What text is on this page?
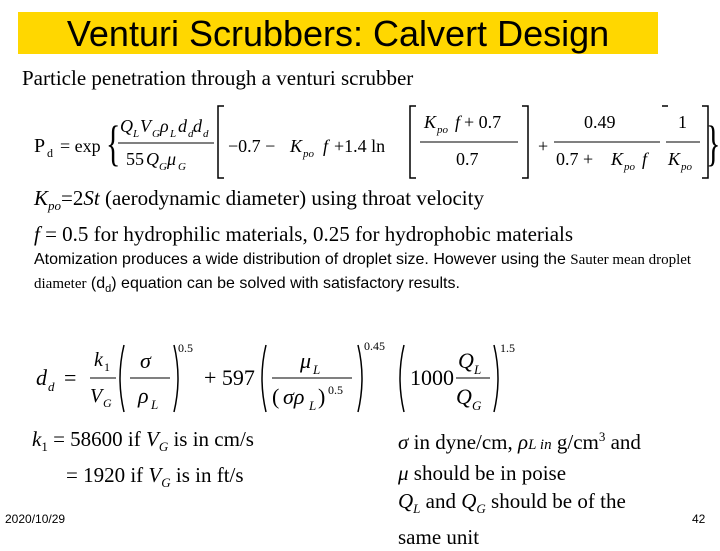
Venturi Scrubbers: Calvert Design
Particle penetration through a venturi scrubber
P d = exp { Q L V G ρ L d d d d
55 Q G μ G
−0.7 − K po f +1.4 ln
K po f + 0.7
0.7
+
0.49
0.7 + K po f
1
K po }
$K_{po}=2St$ (aerodynamic diameter) using throat velocity
f = 0.5 for hydrophilic materials, 0.25 for hydrophobic materials
Atomization produces a wide distribution of droplet size. However using the Sauter mean droplet diameter $(d_d)$ equation can be solved with satisfactory results.
d d =
k 1
V G
σ
ρ L
0.5
+ 597
μ L
( σρ L ) 0.5
0.45
1000
Q L
Q G
1.5
$k_1 = 58600$ if $V_G$ is in cm/s
= 1920 if $V_G$ is in ft/s
σ in dyne/cm, ρL in $g/cm^3$ and
μ should be in poise
$Q_L$ and $Q_G$ should be of the
same unit
2020/10/29	42
